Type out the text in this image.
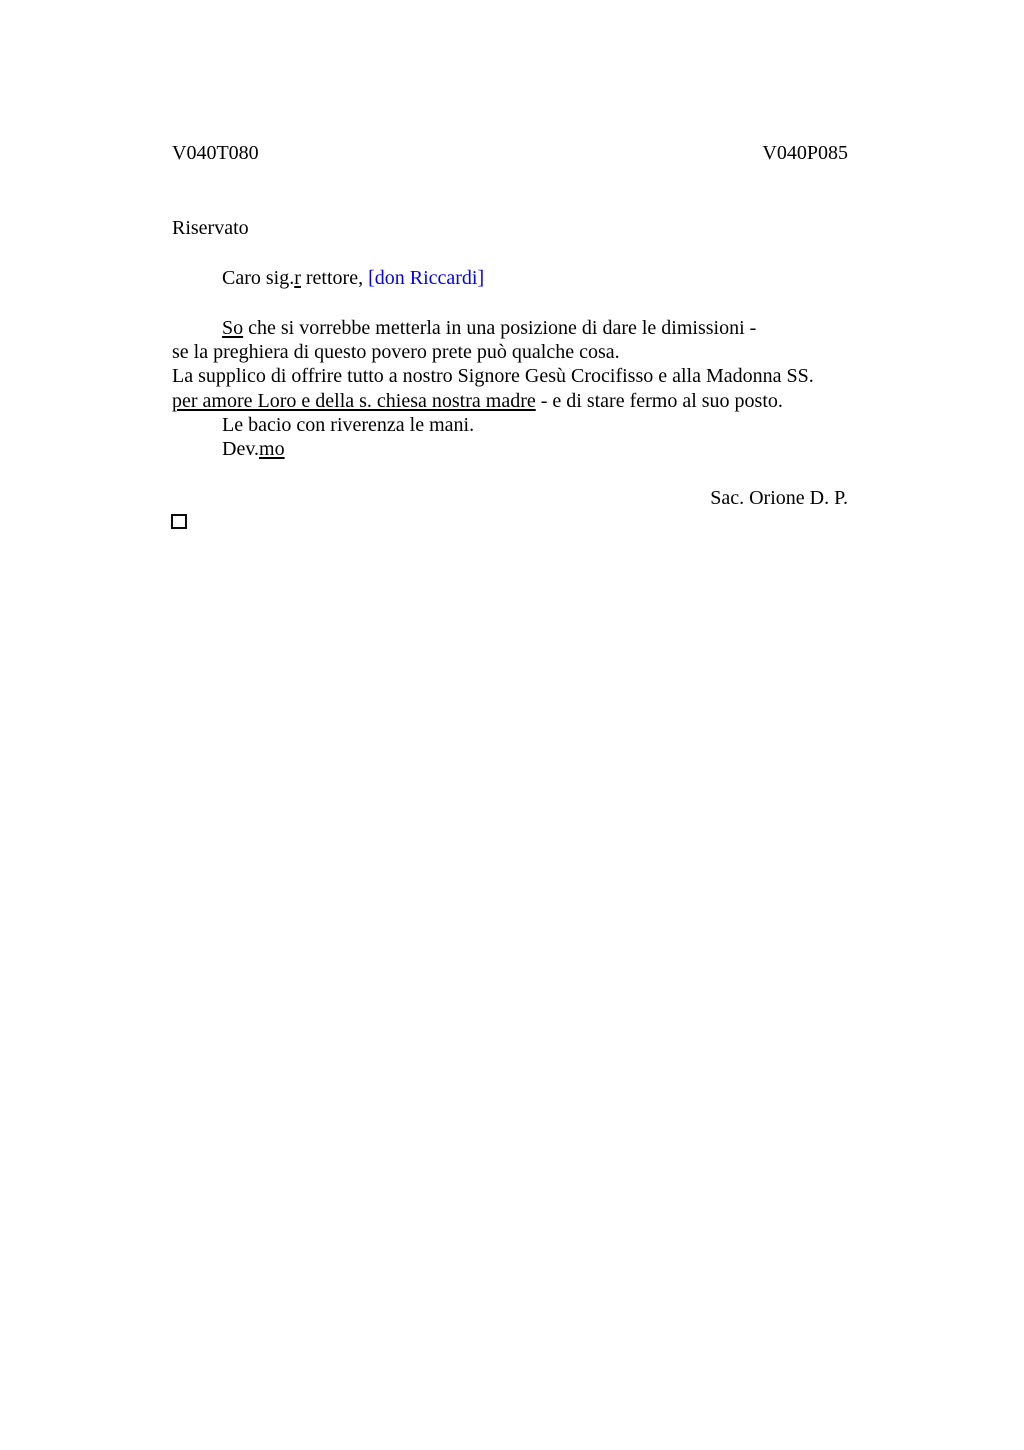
V040T080	V040P085
Riservato
Caro sig.r rettore, [don Riccardi]
So che si vorrebbe metterla in una posizione di dare le dimissioni -
se la preghiera di questo povero prete può qualche cosa.
La supplico di offrire tutto a nostro Signore Gesù Crocifisso e alla Madonna SS.
per amore Loro e della s. chiesa nostra madre - e di stare fermo al suo posto.
Le bacio con riverenza le mani.
Dev.mo
Sac. Orione D. P.
